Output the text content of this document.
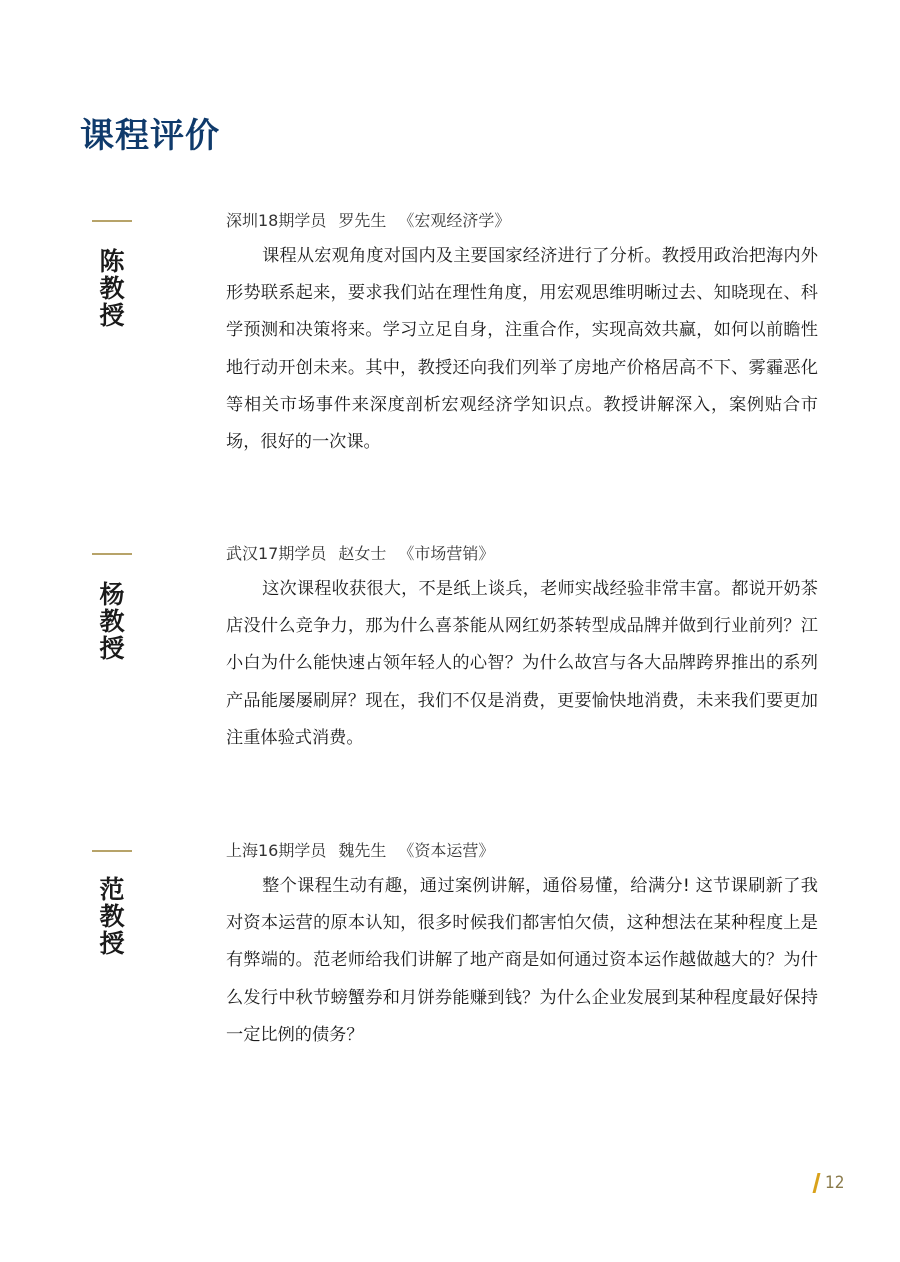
课程评价
陈教授
深圳18期学员 罗先生 《宏观经济学》
课程从宏观角度对国内及主要国家经济进行了分析。教授用政治把海内外形势联系起来，要求我们站在理性角度，用宏观思维明晰过去、知晓现在、科学预测和决策将来。学习立足自身，注重合作，实现高效共赢，如何以前瞻性地行动开创未来。其中，教授还向我们列举了房地产价格居高不下、雾霾恶化等相关市场事件来深度剖析宏观经济学知识点。教授讲解深入，案例贴合市场，很好的一次课。
杨教授
武汉17期学员 赵女士 《市场营销》
这次课程收获很大，不是纸上谈兵，老师实战经验非常丰富。都说开奶茶店没什么竞争力，那为什么喜茶能从网红奶茶转型成品牌并做到行业前列？江小白为什么能快速占领年轻人的心智？为什么故宫与各大品牌跨界推出的系列产品能屡屡刷屏？现在，我们不仅是消费，更要愉快地消费，未来我们要更加注重体验式消费。
范教授
上海16期学员 魏先生 《资本运营》
整个课程生动有趣，通过案例讲解，通俗易懂，给满分! 这节课刷新了我对资本运营的原本认知，很多时候我们都害怕欠债，这种想法在某种程度上是有弊端的。范老师给我们讲解了地产商是如何通过资本运作越做越大的？为什么发行中秋节螃蟹券和月饼券能赚到钱？为什么企业发展到某种程度最好保持一定比例的债务？
12
